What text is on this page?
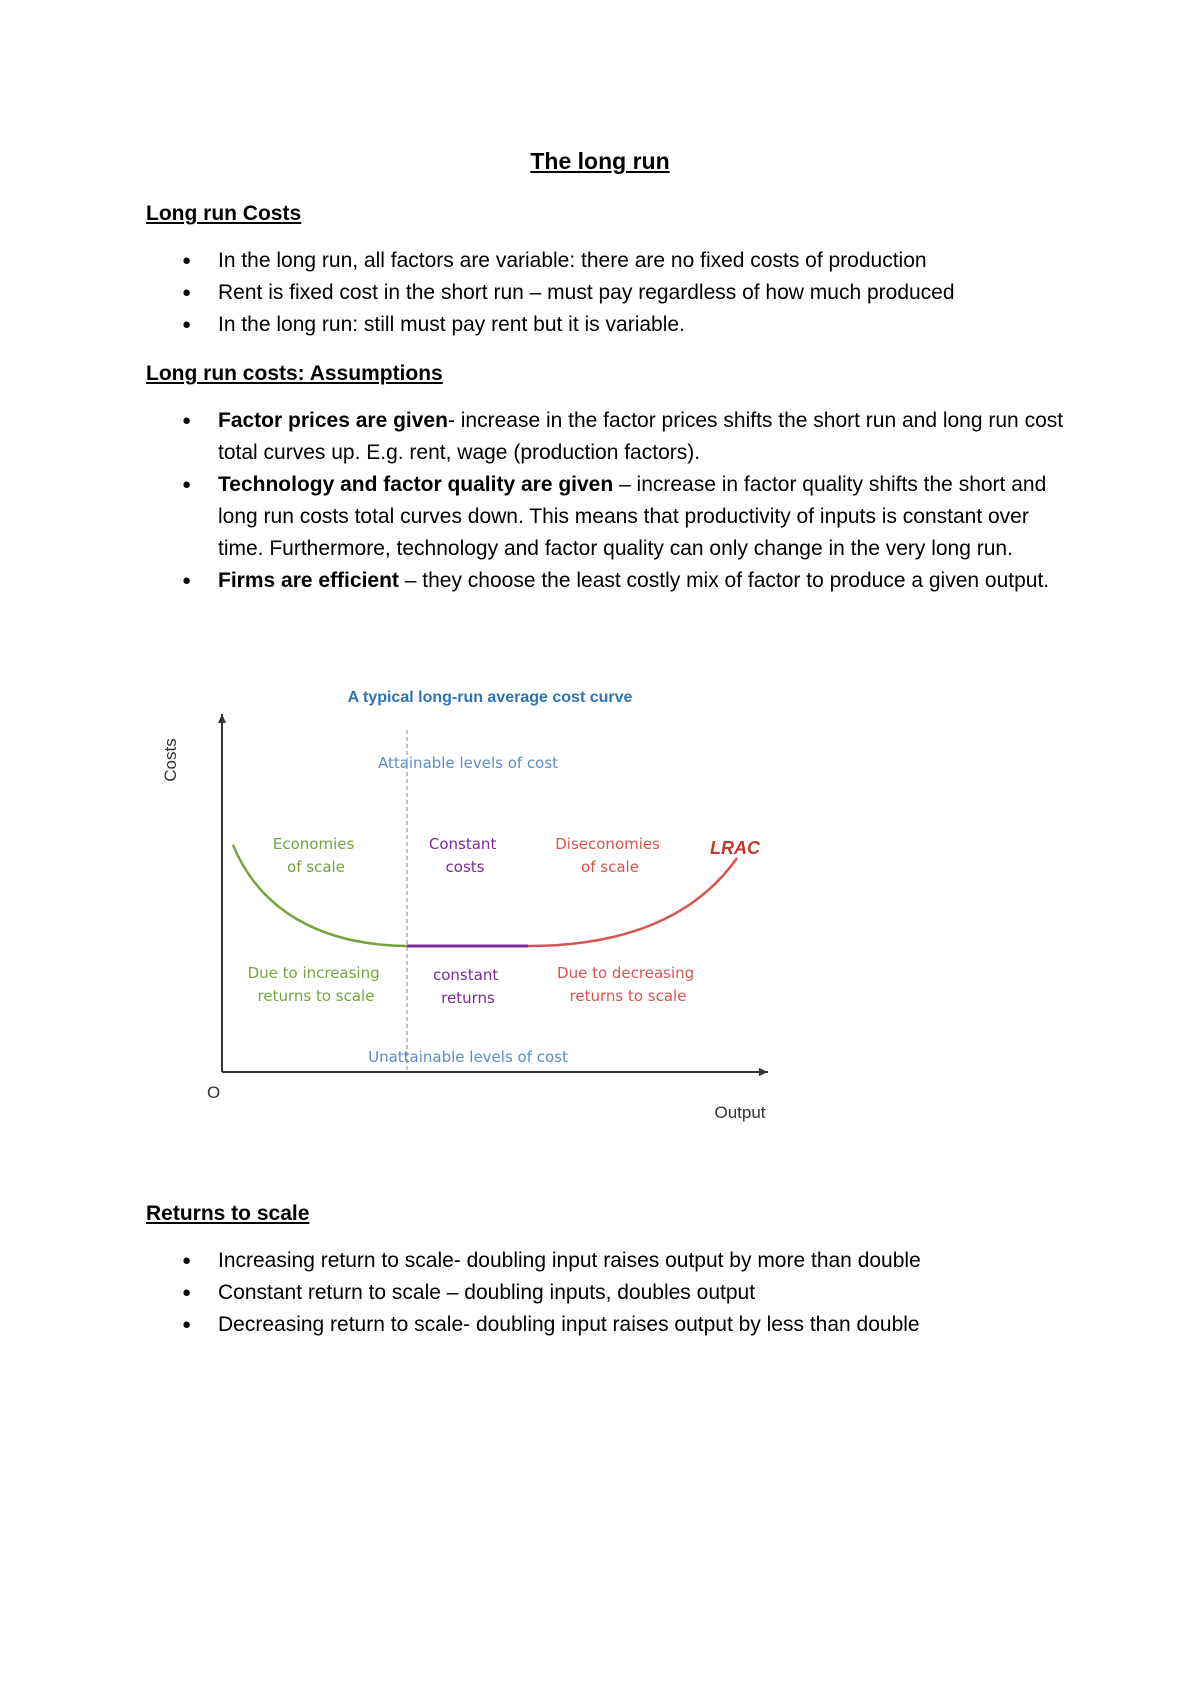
The long run
Long run Costs
● In the long run, all factors are variable: there are no fixed costs of production
● Rent is fixed cost in the short run – must pay regardless of how much produced
● In the long run: still must pay rent but it is variable.
Long run costs: Assumptions
● Factor prices are given- increase in the factor prices shifts the short run and long run cost total curves up. E.g. rent, wage (production factors).
● Technology and factor quality are given – increase in factor quality shifts the short and long run costs total curves down. This means that productivity of inputs is constant over time. Furthermore, technology and factor quality can only change in the very long run.
● Firms are efficient – they choose the least costly mix of factor to produce a given output.
A typical long-run average cost curve
Costs
O
Output
Attainable levels of cost
Unattainable levels of cost
Economies of scale
Constant costs
Diseconomies of scale
LRAC
Due to increasing returns to scale
constant returns
Due to decreasing returns to scale
Returns to scale
● Increasing return to scale- doubling input raises output by more than double
● Constant return to scale – doubling inputs, doubles output
● Decreasing return to scale- doubling input raises output by less than double
